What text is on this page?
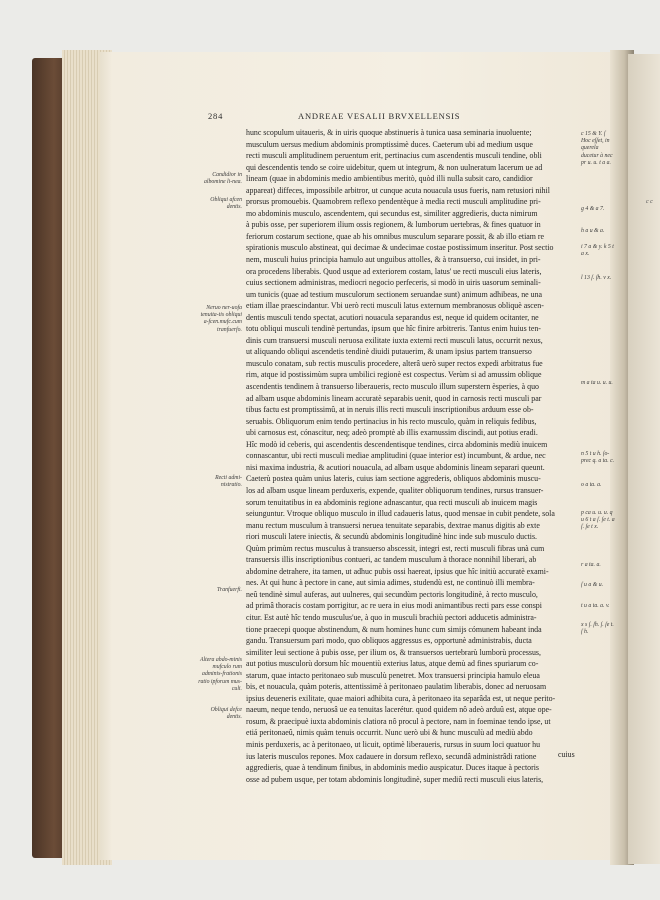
c c
284	ANDREAE VESALII BRVXELLENSIS
hunc scopulum uitaueris, & in uiris quoque abstinueris à tunica uasa seminaria inuoluente;
musculum uersus medium abdominis promptissimè duces. Caeterum ubi ad medium usque
recti musculi amplitudinem peruentum erit, pertinacius cum ascendentis musculi tendine, obli
qui descendentis tendo se coire uidebitur, quem ut integrum, & non uulneratum lacerum ue ad
lineam (quae in abdominis medio ambientibus meritò, quòd illi nulla subsit caro, candidior
appareat) diffeces, impossibile arbitror, ut cunque acuta nouacula usus fueris, nam retusiori nihil
prorsus promouebis. Quamobrem reflexo pendentèque à media recti musculi amplitudine pri-
mo abdominis musculo, ascendentem, qui secundus est, similiter aggredieris, ducta nimirum
à pubis osse, per superiorem ilium ossis regionem, & lumborum uertebras, & fines quatuor in
feriorum costarum sectione, quae ab his omnibus musculum separare possit, & ab illo etiam re
spirationis musculo abstineat, qui decimae & undecimae costae postissimum inseritur. Post sectio
nem, musculi huius principia hamulo aut unguibus attolles, & à transuerso, cui insidet, in pri-
ora procedens liberabis. Quod usque ad exteriorem costam, latus' ue recti musculi eius lateris,
cuius sectionem administras, mediocri negocio perfeceris, si modò in uiris uasorum seminali-
um tunicis (quae ad testium musculorum sectionem seruandae sunt) animum adhibeas, ne una
etiam illae praescindantur. Vbi uerò recti musculi latus externum membranosus obliquè ascen-
dentis musculi tendo spectat, acutiori nouacula separandus est, neque id quidem ocitanter, ne
totu obliqui musculi tendinè pertundas, ipsum que hîc finire arbitreris. Tantus enim huius ten-
dinis cum transuersi musculi neruosa exilitate iuxta externi recti musculi latus, occurrit nexus,
ut aliquando obliqui ascendetis tendinè diuidi putauerim, & unam ipsius partem transuerso
musculo conatam, sub rectis musculis procedere, alterâ uerò super rectos expedi arbitratus fue
rim, atque id postissimùm supra umbilici regionè est cospectus. Verùm si ad amussim oblique
ascendentis tendinem à transuerso liberaueris, recto musculo illum superstern èsperies, à quo
ad albam usque abdominis lineam accuratè separabis uenit, quod in carnosis recti musculi par
tibus factu est promptissimû, at in neruis illis recti musculi inscriptionibus arduum esse ob-
seruabis. Obliquorum enim tendo pertinacius in his recto musculo, quàm in reliquis fedibus,
ubi carnosus est, cónascitur, neq; adeò promptè ab illis exarnussim discindi, aut potius eradi.
Hîc modò id ceberis, qui ascendentis descendentisque tendines, circa abdominis mediù inuicem
connascantur, ubi recti musculi mediae amplitudini (quae interior est) incumbunt, & ardue, nec
nisi maxima industria, & acutiori nouacula, ad albam usque abdominis lineam separari queunt.
Caeterù postea quàm unius lateris, cuius iam sectione aggrederis, obliquos abdominis muscu-
los ad albam usque lineam perduxeris, expende, qualiter obliquorum tendines, rursus transuer-
sorum tenuitatibus in ea abdominis regione adnascantur, qua recti musculi ab inuicem magis
seiunguntur. Vtroque obliquo musculo in illud cadaueris latus, quod mensae in cubit pendete, sola
manu rectum musculum à transuersi neruea tenuitate separabis, dextrae manus digitis ab exte
riori musculi latere iniectis, & secundù abdominis longitudinè hinc inde sub musculo ductis.
Quùm primùm rectus musculus à transuerso abscessit, integri est, recti musculi fibras unà cum
transuersis illis inscriptionibus contueri, ac tandem musculum à thorace nonnihil liberari, ab
abdomine detrahere, ita tamen, ut adhuc pubis ossi haereat, ipsius que hîc initiù accuratè exami-
nes. At qui hunc à pectore in cane, aut simia adimes, studendù est, ne continuò illi membra-
neû tendinè simul auferas, aut uulneres, qui secundùm pectoris longitudinè, à recto musculo,
ad primâ thoracis costam porrigitur, ac re uera in eius modi animantibus recti pars esse conspi
citur. Est autè hîc tendo musculus'ue, à quo in musculi brachiù pectori adducetis administra-
tione praecepi quoque abstinendum, & num homines hunc cum simijs cómunem habeant inda
gandu. Transuersum pari modo, quo obliquos aggressus es, opportunè administrabis, ducta
similiter leui sectione à pubis osse, per ilium os, & transuersos uertebrarù lumborù processus,
aut potius musculorù dorsum hîc mouentiù exterius latus, atque demù ad fines spuriarum co-
starum, quae intacto peritonaeo sub musculù penetret. Mox transuersi principia hamulo eleua
bis, et nouacula, quàm poteris, attentissimè à peritonaeo paulatim liberabis, donec ad neruosam
ipsius deueneris exilitate, quae maiori adhibita cura, à peritonaeo ita separâda est, ut neque perito-
naeum, neque tendo, neruosâ ue ea tenuitas lacerétur. quod quidem nô adeò arduû est, atque ope-
rosum, & praecipuè iuxta abdominis clatiora nô procul à pectore, nam in foeminae tendo ipse, ut
etiá peritonaeû, nimis quàm tenuis occurrit. Nunc uerò ubi & hunc musculù ad mediù abdo
minis perduxeris, ac à peritonaeo, ut licuit, optimè liberaueris, rursus in suum loci quatuor hu
ius lateris musculos repones. Mox cadauere in dorsum reflexo, secundâ administrâdi ratione
aggredieris, quae à tendinum finibus, in abdominis medio auspicatur. Duces itaque à pectoris
osse ad pubem usque, per totam abdominis longitudinè, super mediû recti musculi eius lateris,
Candidior in albomine li-nea.
Obliqui afcen dentis.
Neruo ner-uofa tenuita-tis obliqui a-fcen.mufc.cum tranfuerfo.
Recti admi-nistratio.
Tranfuerfi.
Altera abdo-minis mufculo rum adminis-frationis ratio ipforum mus-culi.
Obliqui defce dentis.
c 15 & Y. ſ Hoc eſſet, in querela ducetur à nec pr u. u. t a a.
g 4 & a 7.
h a u & a.
i 7 a & y. k 5 t a x.
l 13 ſ. ſh. v x.
m a ta u. u. u.
n 5 t u h. ſo-prec q. a ta. c.
o a ta. a.
p ca u. u. u. q u 6 t a ſ. ſe t. a ſ. ſe t x.
r a ta. a.
ſ u a & u.
t u a ta. a. v.
x s ſ. ſh. ſ. ſe t. ſ h.
cuius
